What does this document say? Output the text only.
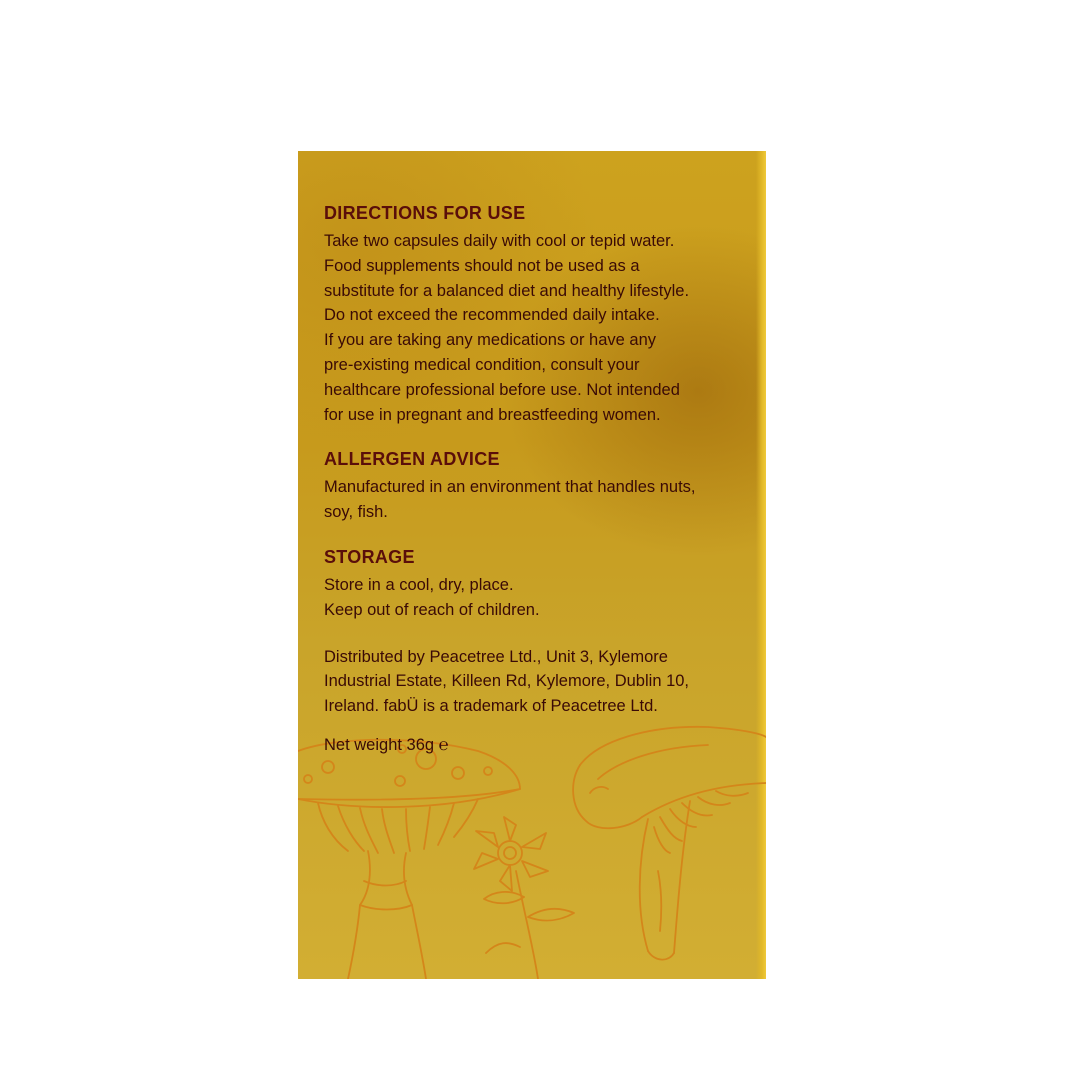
DIRECTIONS FOR USE

Take two capsules daily with cool or tepid water.
Food supplements should not be used as a
substitute for a balanced diet and healthy lifestyle.
Do not exceed the recommended daily intake.
If you are taking any medications or have any
pre-existing medical condition, consult your
healthcare professional before use. Not intended
for use in pregnant and breastfeeding women.

ALLERGEN ADVICE

Manufactured in an environment that handles nuts,
soy, fish.

STORAGE

Store in a cool, dry, place.
Keep out of reach of children.

Distributed by Peacetree Ltd., Unit 3, Kylemore
Industrial Estate, Killeen Rd, Kylemore, Dublin 10,
Ireland. fabÜ is a trademark of Peacetree Ltd.

Net weight 36g ℮
